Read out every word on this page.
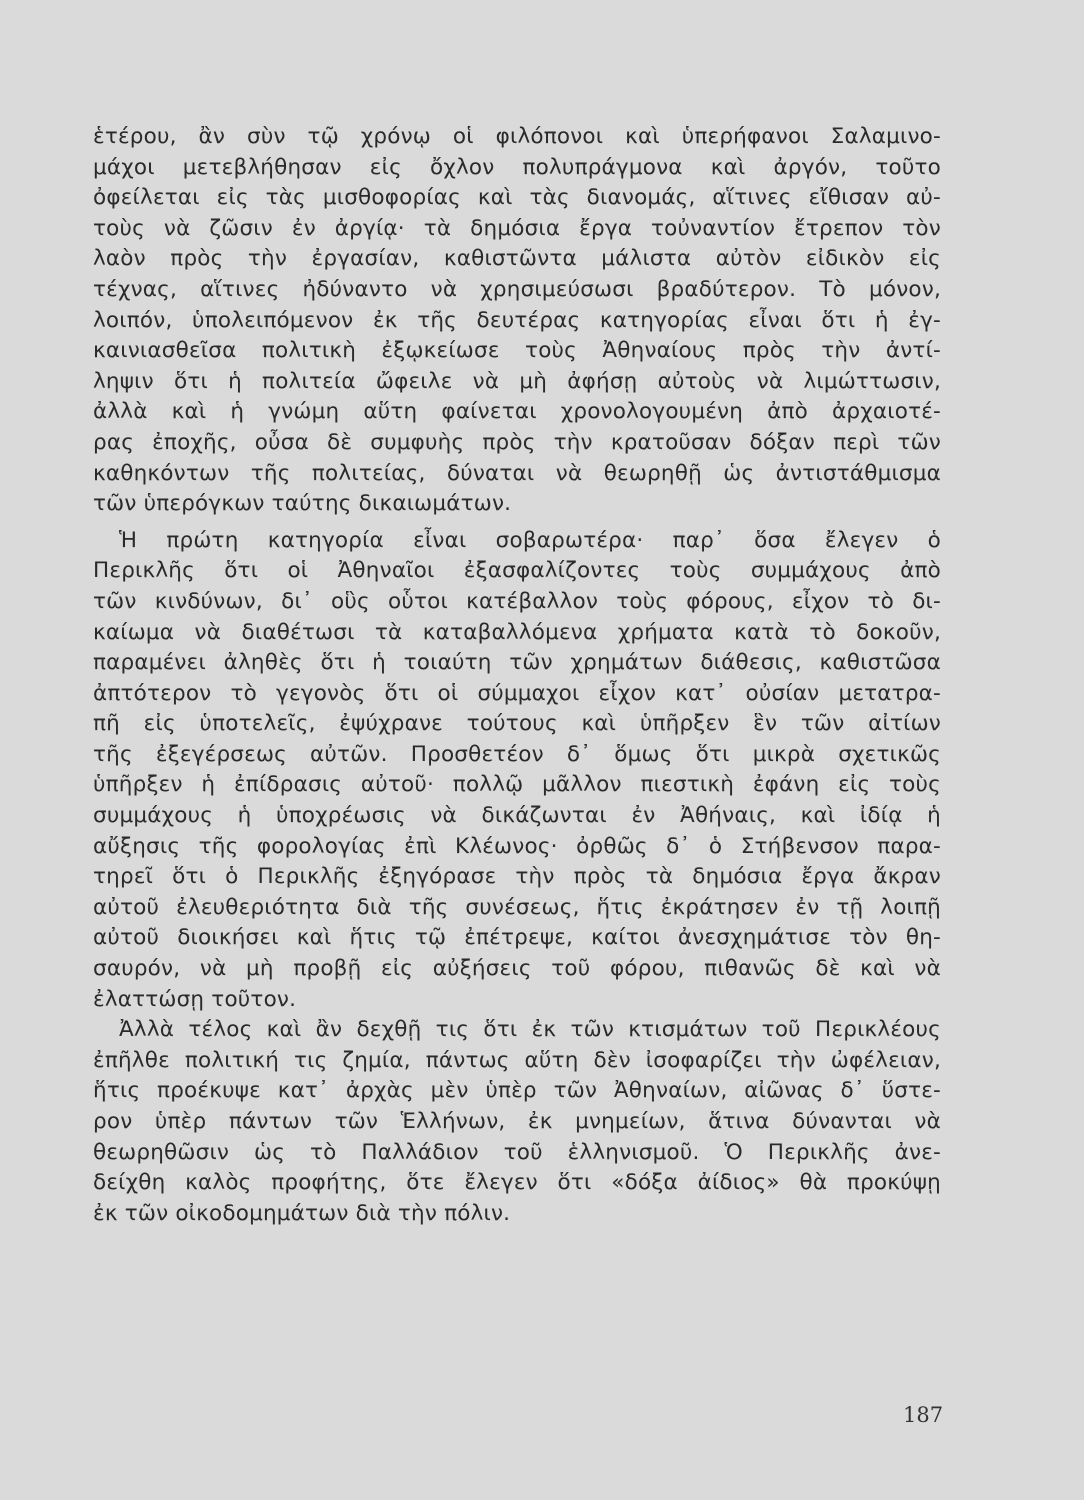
ἑτέρου, ἂν σὺν τῷ χρόνῳ οἱ φιλόπονοι καὶ ὑπερήφανοι Σαλαμινο-
μάχοι μετεβλήθησαν εἰς ὄχλον πολυπράγμονα καὶ ἀργόν, τοῦτο
ὀφείλεται εἰς τὰς μισθοφορίας καὶ τὰς διανομάς, αἵτινες εἴθισαν αὐ-
τοὺς νὰ ζῶσιν ἐν ἀργίᾳ· τὰ δημόσια ἔργα τοὐναντίον ἔτρεπον τὸν
λαὸν πρὸς τὴν ἐργασίαν, καθιστῶντα μάλιστα αὐτὸν εἰδικὸν εἰς
τέχνας, αἵτινες ἠδύναντο νὰ χρησιμεύσωσι βραδύτερον. Τὸ μόνον,
λοιπόν, ὑπολειπόμενον ἐκ τῆς δευτέρας κατηγορίας εἶναι ὅτι ἡ ἐγ-
καινιασθεῖσα πολιτικὴ ἐξῳκείωσε τοὺς Ἀθηναίους πρὸς τὴν ἀντί-
ληψιν ὅτι ἡ πολιτεία ὤφειλε νὰ μὴ ἀφήσῃ αὐτοὺς νὰ λιμώττωσιν,
ἀλλὰ καὶ ἡ γνώμη αὕτη φαίνεται χρονολογουμένη ἀπὸ ἀρχαιοτέ-
ρας ἐποχῆς, οὖσα δὲ συμφυὴς πρὸς τὴν κρατοῦσαν δόξαν περὶ τῶν
καθηκόντων τῆς πολιτείας, δύναται νὰ θεωρηθῇ ὡς ἀντιστάθμισμα
τῶν ὑπερόγκων ταύτης δικαιωμάτων.
Ἡ πρώτη κατηγορία εἶναι σοβαρωτέρα· παρ᾽ ὅσα ἔλεγεν ὁ
Περικλῆς ὅτι οἱ Ἀθηναῖοι ἐξασφαλίζοντες τοὺς συμμάχους ἀπὸ
τῶν κινδύνων, δι᾽ οὓς οὗτοι κατέβαλλον τοὺς φόρους, εἶχον τὸ δι-
καίωμα νὰ διαθέτωσι τὰ καταβαλλόμενα χρήματα κατὰ τὸ δοκοῦν,
παραμένει ἀληθὲς ὅτι ἡ τοιαύτη τῶν χρημάτων διάθεσις, καθιστῶσα
ἀπτότερον τὸ γεγονὸς ὅτι οἱ σύμμαχοι εἶχον κατ᾽ οὐσίαν μετατρα-
πῆ εἰς ὑποτελεῖς, ἐψύχρανε τούτους καὶ ὑπῆρξεν ἓν τῶν αἰτίων
τῆς ἐξεγέρσεως αὐτῶν. Προσθετέον δ᾽ ὅμως ὅτι μικρὰ σχετικῶς
ὑπῆρξεν ἡ ἐπίδρασις αὐτοῦ· πολλῷ μᾶλλον πιεστικὴ ἐφάνη εἰς τοὺς
συμμάχους ἡ ὑποχρέωσις νὰ δικάζωνται ἐν Ἀθήναις, καὶ ἰδίᾳ ἡ
αὔξησις τῆς φορολογίας ἐπὶ Κλέωνος· ὀρθῶς δ᾽ ὁ Στήβενσον παρα-
τηρεῖ ὅτι ὁ Περικλῆς ἐξηγόρασε τὴν πρὸς τὰ δημόσια ἔργα ἄκραν
αὐτοῦ ἐλευθεριότητα διὰ τῆς συνέσεως, ἥτις ἐκράτησεν ἐν τῇ λοιπῇ
αὐτοῦ διοικήσει καὶ ἥτις τῷ ἐπέτρεψε, καίτοι ἀνεσχημάτισε τὸν θη-
σαυρόν, νὰ μὴ προβῇ εἰς αὐξήσεις τοῦ φόρου, πιθανῶς δὲ καὶ νὰ
ἐλαττώσῃ τοῦτον.
Ἀλλὰ τέλος καὶ ἂν δεχθῇ τις ὅτι ἐκ τῶν κτισμάτων τοῦ Περικλέους
ἐπῆλθε πολιτική τις ζημία, πάντως αὕτη δὲν ἰσοφαρίζει τὴν ὠφέλειαν,
ἥτις προέκυψε κατ᾽ ἀρχὰς μὲν ὑπὲρ τῶν Ἀθηναίων, αἰῶνας δ᾽ ὕστε-
ρον ὑπὲρ πάντων τῶν Ἑλλήνων, ἐκ μνημείων, ἅτινα δύνανται νὰ
θεωρηθῶσιν ὡς τὸ Παλλάδιον τοῦ ἑλληνισμοῦ. Ὁ Περικλῆς ἀνε-
δείχθη καλὸς προφήτης, ὅτε ἔλεγεν ὅτι «δόξα ἀίδιος» θὰ προκύψῃ
ἐκ τῶν οἰκοδομημάτων διὰ τὴν πόλιν.
187
